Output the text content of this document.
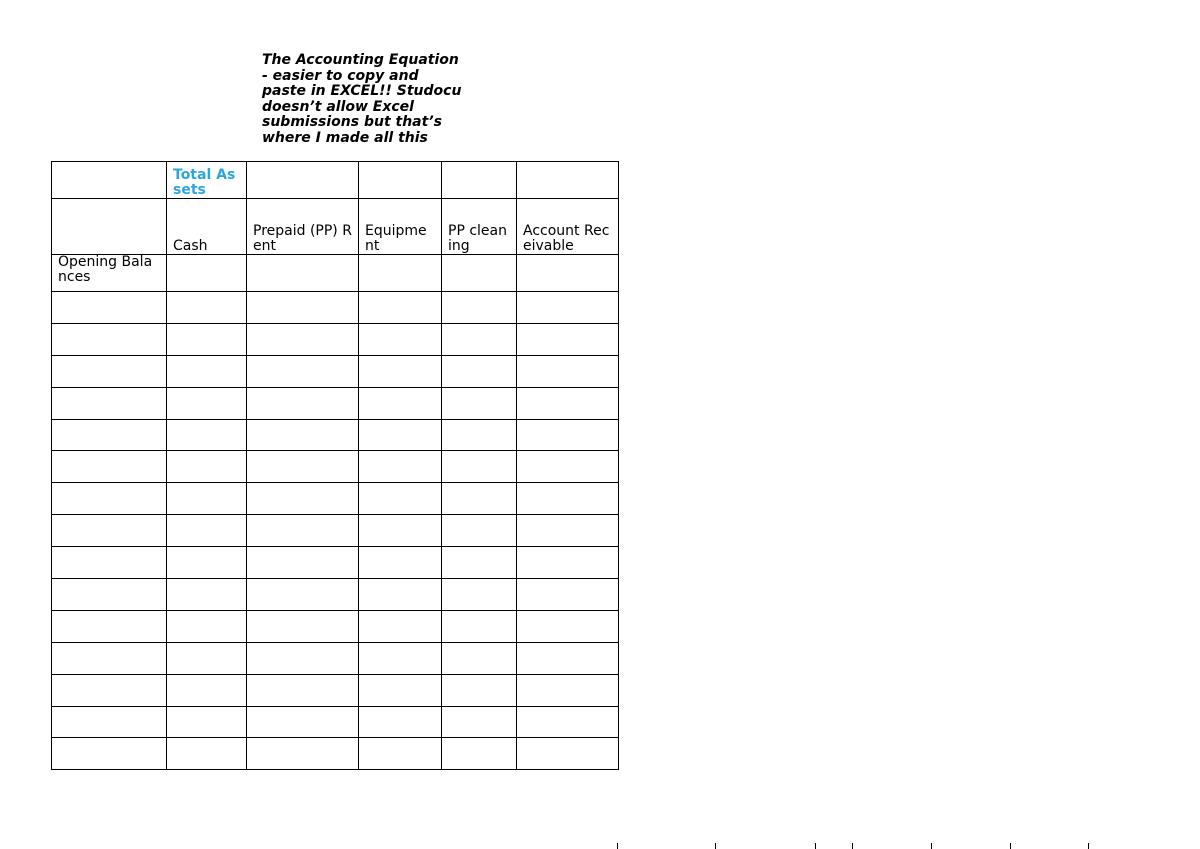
The Accounting Equation
- easier to copy and
paste in EXCEL!! Studocu
doesn’t allow Excel
submissions but that’s
where I made all this
	Total Assets				
	Cash	Prepaid (PP) Rent	Equipment	PP cleaning	Account Receivable
Opening Balances					
